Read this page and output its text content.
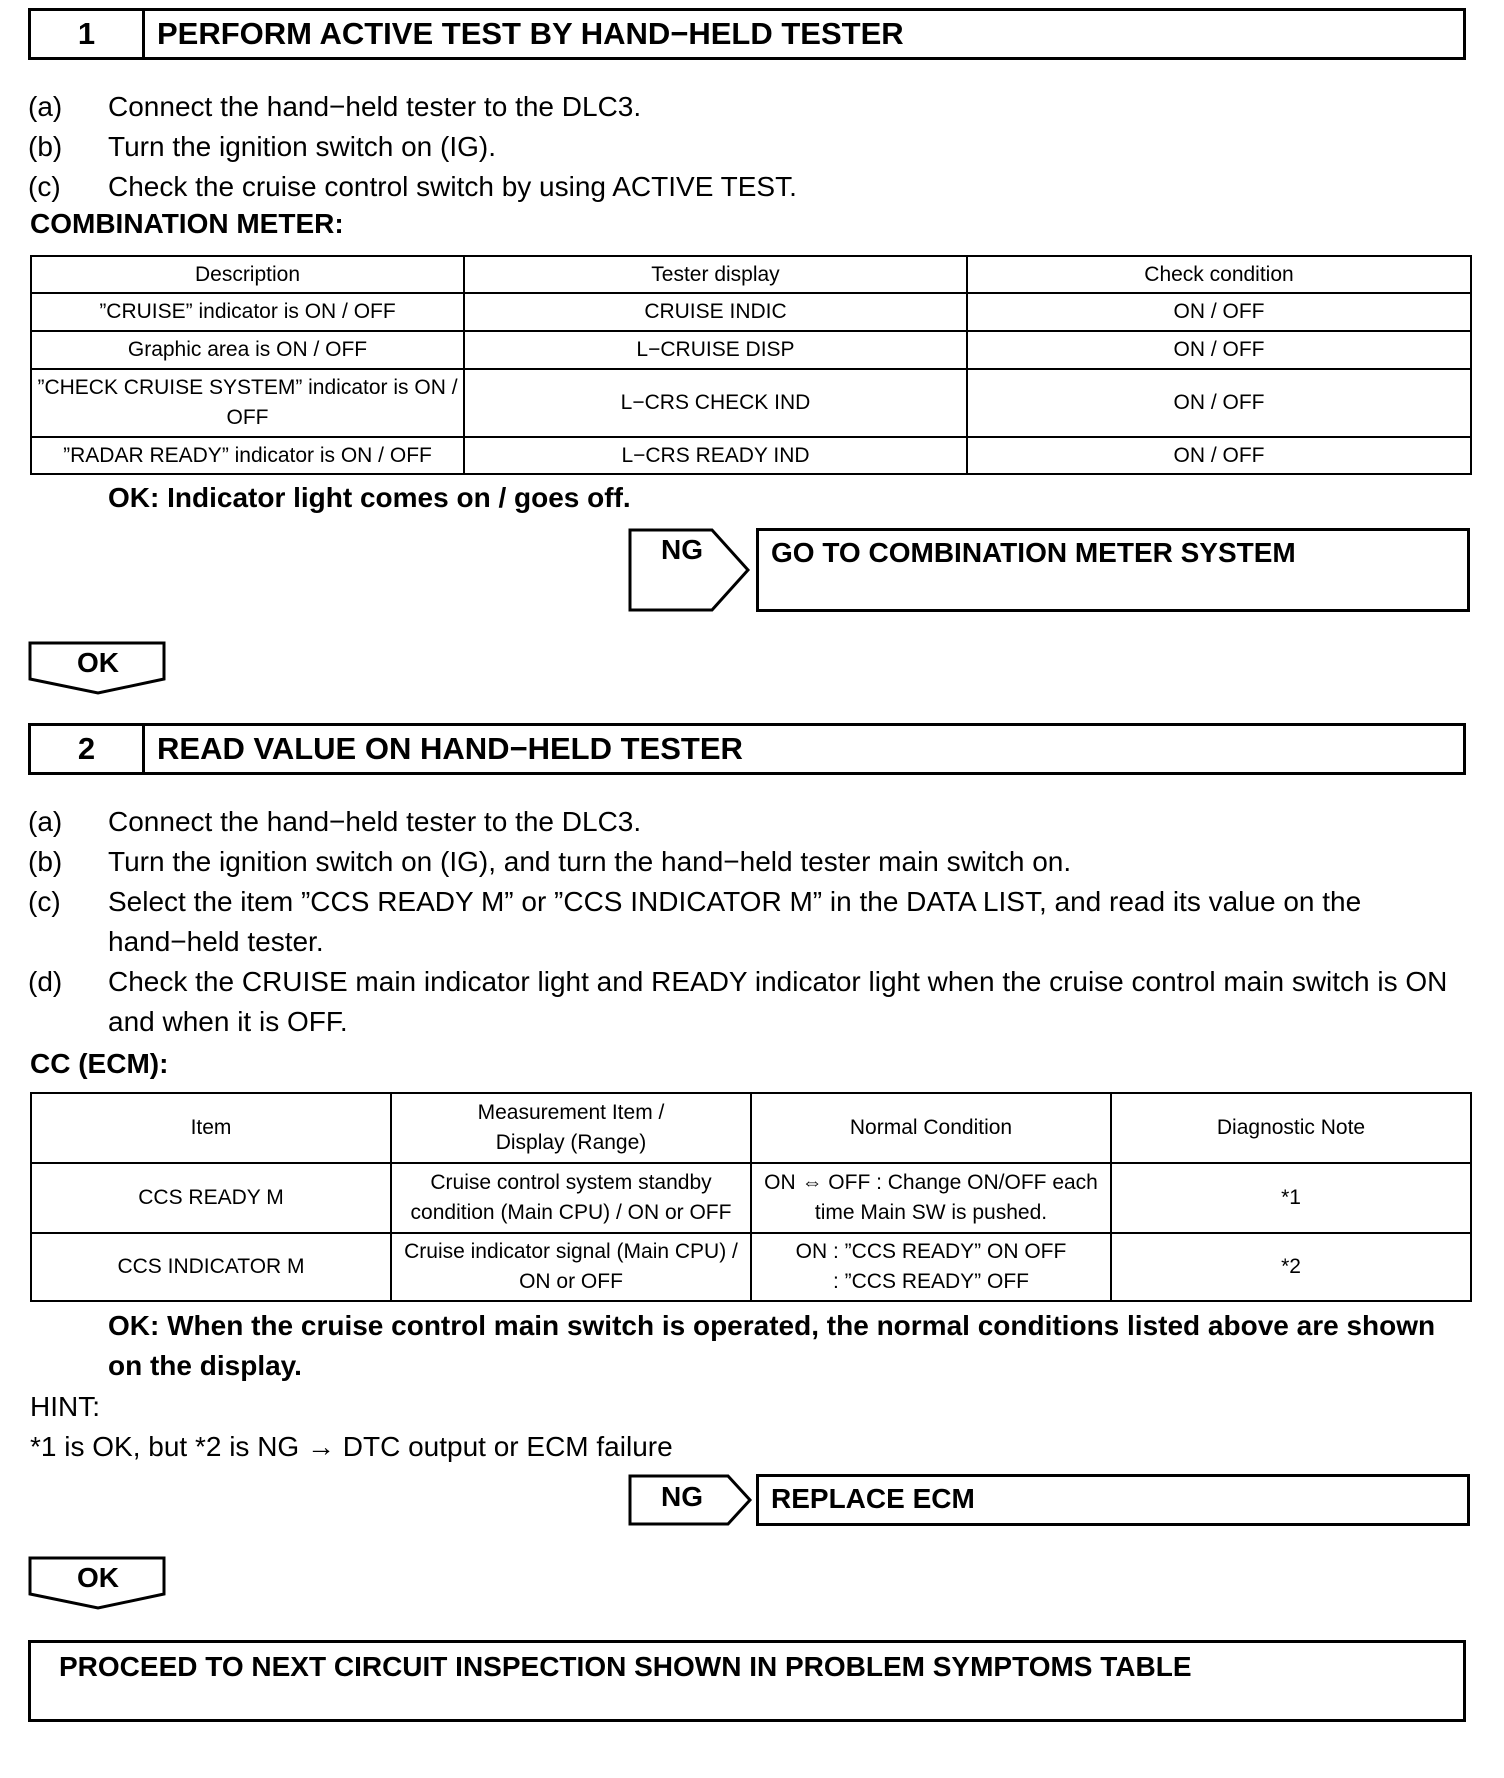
1	PERFORM ACTIVE TEST BY HAND−HELD TESTER
(a)	Connect the hand−held tester to the DLC3.
(b)	Turn the ignition switch on (IG).
(c)	Check the cruise control switch by using ACTIVE TEST.
COMBINATION METER:
Description	Tester display	Check condition
”CRUISE” indicator is ON / OFF	CRUISE INDIC	ON / OFF
Graphic area is ON / OFF	L−CRUISE DISP	ON / OFF
”CHECK CRUISE SYSTEM” indicator is ON / OFF	L−CRS CHECK IND	ON / OFF
”RADAR READY” indicator is ON / OFF	L−CRS READY IND	ON / OFF
OK: Indicator light comes on / goes off.
NG	GO TO COMBINATION METER SYSTEM
OK
2	READ VALUE ON HAND−HELD TESTER
(a)	Connect the hand−held tester to the DLC3.
(b)	Turn the ignition switch on (IG), and turn the hand−held tester main switch on.
(c)	Select the item ”CCS READY M” or ”CCS INDICATOR M” in the DATA LIST, and read its value on the hand−held tester.
(d)	Check the CRUISE main indicator light and READY indicator light when the cruise control main switch is ON and when it is OFF.
CC (ECM):
Item	Measurement Item / Display (Range)	Normal Condition	Diagnostic Note
CCS READY M	Cruise control system standby condition (Main CPU) / ON or OFF	ON ⇔ OFF : Change ON/OFF each time Main SW is pushed.	*1
CCS INDICATOR M	Cruise indicator signal (Main CPU) / ON or OFF	ON : ”CCS READY” ON OFF : ”CCS READY” OFF	*2
OK: When the cruise control main switch is operated, the normal conditions listed above are shown on the display.
HINT:
*1 is OK, but *2 is NG → DTC output or ECM failure
NG	REPLACE ECM
OK
PROCEED TO NEXT CIRCUIT INSPECTION SHOWN IN PROBLEM SYMPTOMS TABLE
